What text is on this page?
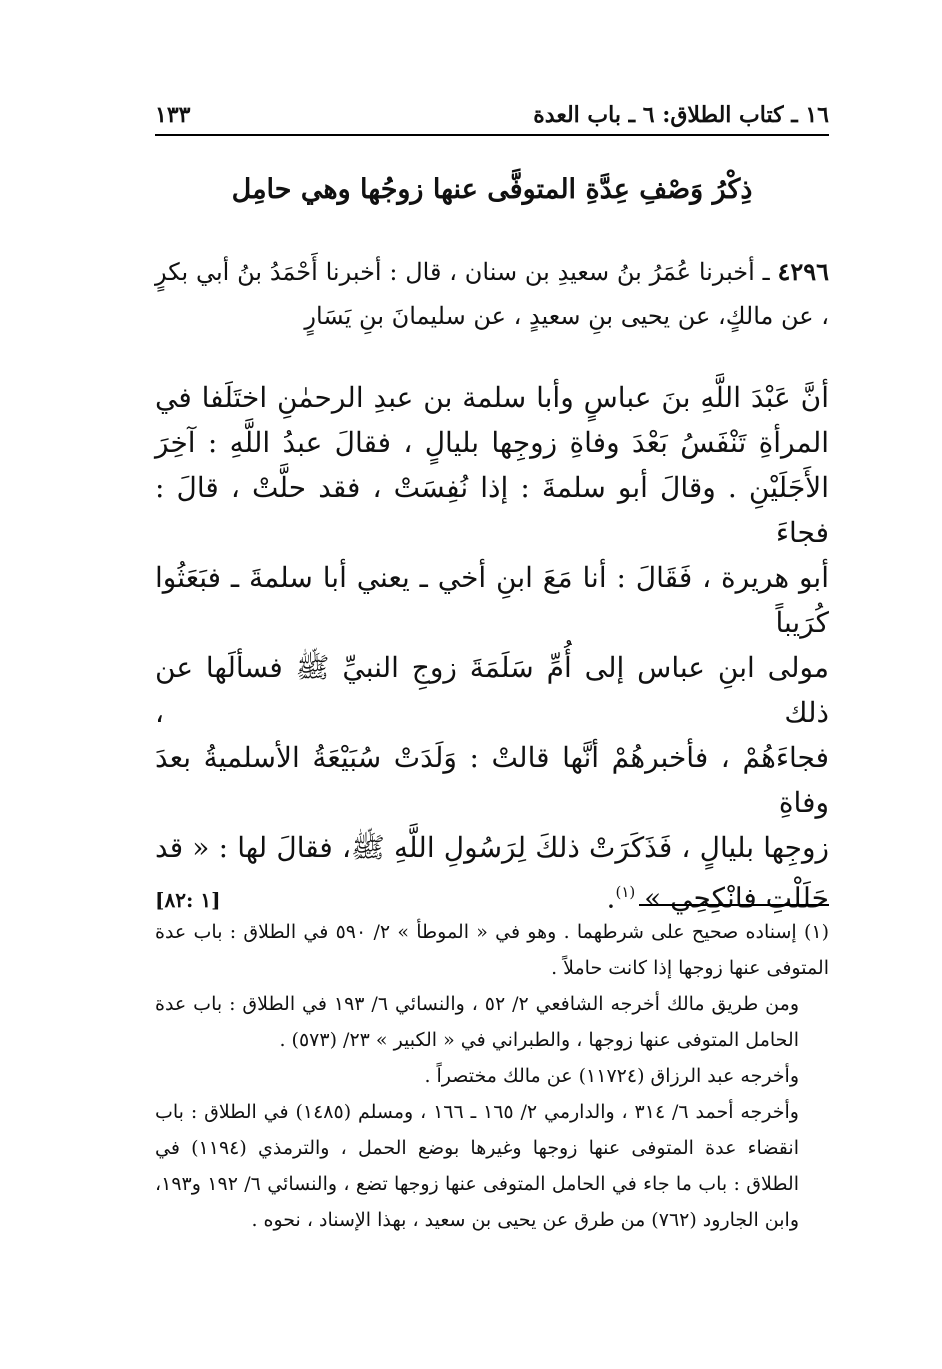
١٦ ـ كتاب الطلاق: ٦ ـ باب العدة
١٣٣
ذِكْرُ وَصْفِ عِدَّةِ المتوفَّى عنها زوجُها وهي حامِل

٤٢٩٦ ـ أخبرنا عُمَرُ بنُ سعيدِ بن سنان ، قال : أخبرنا أَحْمَدُ بنُ أبي بكرٍ ، عن مالكٍ، عن يحيى بنِ سعيدٍ ، عن سليمانَ بنِ يَسَارٍ

أنَّ عَبْدَ اللَّهِ بنَ عباسٍ وأبا سلمة بن عبدِ الرحمٰنِ اختَلَفا في
المرأةِ تَنْفَسُ بَعْدَ وفاةِ زوجِها بليالٍ ، فقالَ عبدُ اللَّهِ : آخِرَ
الأَجَلَيْنِ . وقالَ أبو سلمةَ : إذا نُفِسَتْ ، فقد حلَّتْ ، قالَ : فجاءَ
أبو هريرة ، فَقَالَ : أنا مَعَ ابنِ أخي ـ يعني أبا سلمةَ ـ فبَعَثُوا كُرَيباً
مولى ابنِ عباس إلى أُمِّ سَلَمَةَ زوجِ النبيِّ ﷺ فسألَها عن ذلك ،
فجاءَهُمْ ، فأخبرهُمْ أنَّها قالتْ : وَلَدَتْ سُبَيْعَةُ الأسلميةُ بعدَ وفاةِ
زوجِها بليالٍ ، فَذَكَرَتْ ذلكَ لِرَسُولِ اللَّهِ ﷺ، فقالَ لها : « قد
حَلَلْتِ فانْكِحِي » $^{(١)}$.
[١ :٨٢]

(١) إسناده صحيح على شرطهما . وهو في « الموطأ » ٢/ ٥٩٠ في الطلاق : باب عدة المتوفى عنها زوجها إذا كانت حاملاً .

ومن طريق مالك أخرجه الشافعي ٢/ ٥٢ ، والنسائي ٦/ ١٩٣ في الطلاق : باب عدة الحامل المتوفى عنها زوجها ، والطبراني في « الكبير » ٢٣/ (٥٧٣) .

وأخرجه عبد الرزاق (١١٧٢٤) عن مالك مختصراً .

وأخرجه أحمد ٦/ ٣١٤ ، والدارمي ٢/ ١٦٥ ـ ١٦٦ ، ومسلم (١٤٨٥) في الطلاق : باب انقضاء عدة المتوفى عنها زوجها وغيرها بوضع الحمل ، والترمذي (١١٩٤) في الطلاق : باب ما جاء في الحامل المتوفى عنها زوجها تضع ، والنسائي ٦/ ١٩٢ و١٩٣، وابن الجارود (٧٦٢) من طرق عن يحيى بن سعيد ، بهذا الإسناد ، نحوه .
